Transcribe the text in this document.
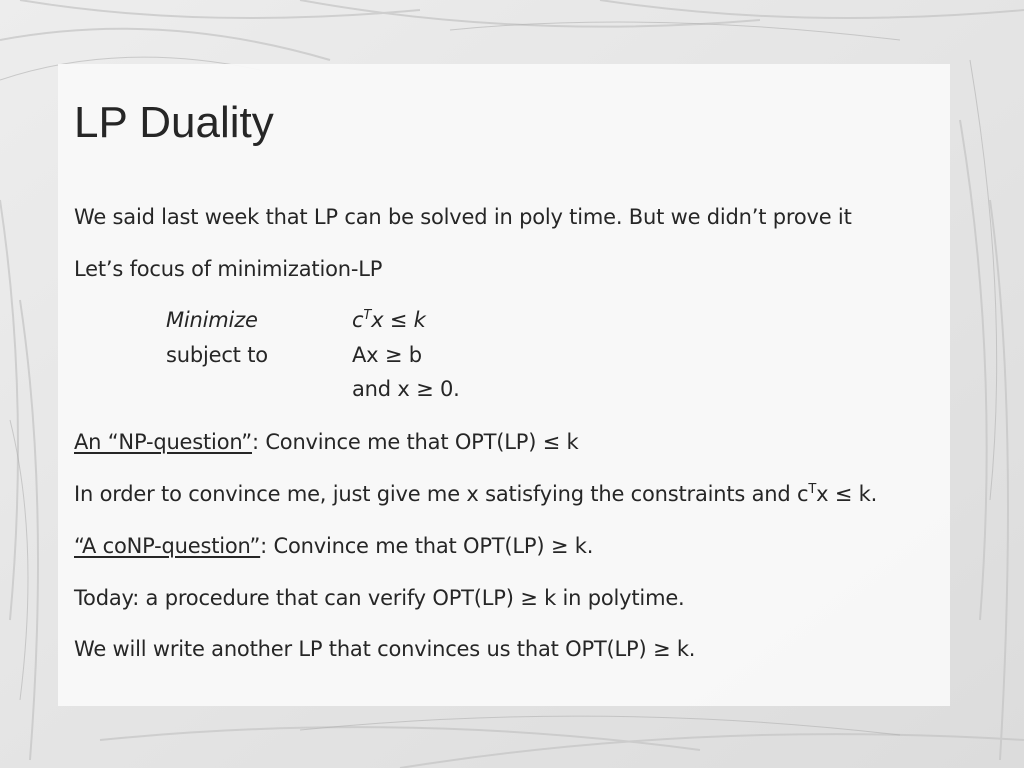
LP Duality

We said last week that LP can be solved in poly time. But we didn’t prove it

Let’s focus of minimization-LP

Minimize	$c^Tx \le k$

subject to	Ax ≥ b

and x ≥ 0.

An “NP-question”: Convince me that OPT(LP) ≤ k

In order to convince me, just give me x satisfying the constraints and $c^Tx \le k$.

“A coNP-question”: Convince me that OPT(LP) ≥ k.

Today: a procedure that can verify OPT(LP) ≥ k in polytime.

We will write another LP that convinces us that OPT(LP) ≥ k.
